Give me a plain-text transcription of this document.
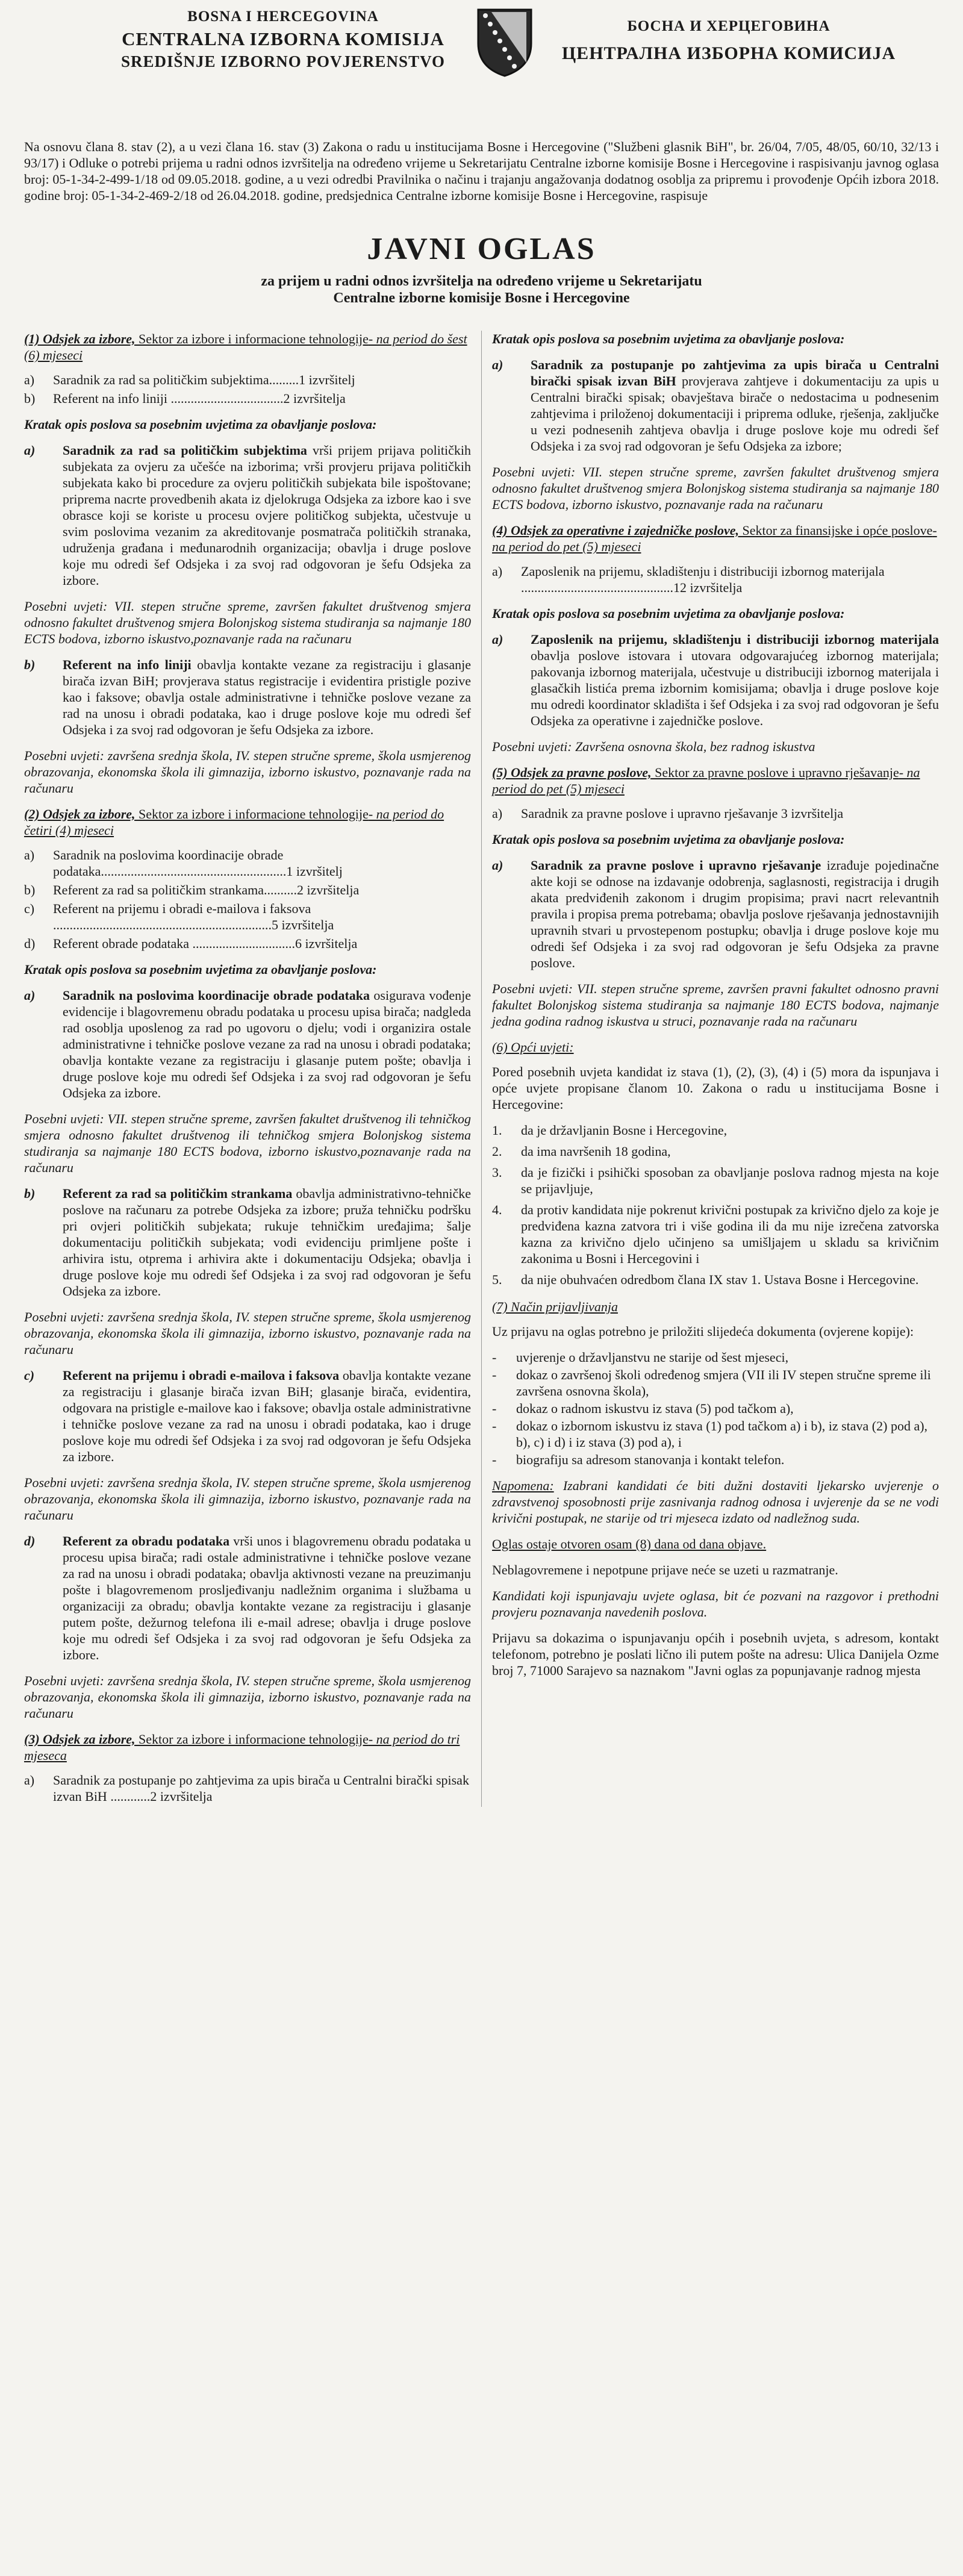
BOSNA I HERCEGOVINA
CENTRALNA IZBORNA KOMISIJA
SREDIŠNJE IZBORNO POVJERENSTVO
БОСНА И ХЕРЦЕГОВИНА
ЦЕНТРАЛНА ИЗБОРНА КОМИСИЈА

Na osnovu člana 8. stav (2), a u vezi člana 16. stav (3) Zakona o radu u institucijama Bosne i Hercegovine ("Službeni glasnik BiH", br. 26/04, 7/05, 48/05, 60/10, 32/13 i 93/17) i Odluke o potrebi prijema u radni odnos izvršitelja na određeno vrijeme u Sekretarijatu Centralne izborne komisije Bosne i Hercegovine i raspisivanju javnog oglasa broj: 05-1-34-2-499-1/18 od 09.05.2018. godine, a u vezi odredbi Pravilnika o načinu i trajanju angažovanja dodatnog osoblja za pripremu i provođenje Općih izbora 2018. godine broj: 05-1-34-2-469-2/18 od 26.04.2018. godine, predsjednica Centralne izborne komisije Bosne i Hercegovine, raspisuje

JAVNI OGLAS
za prijem u radni odnos izvršitelja na određeno vrijeme u Sekretarijatu
Centralne izborne komisije Bosne i Hercegovine
(1) Odsjek za izbore, Sektor za izbore i informacione tehnologije- na period do šest (6) mjeseci
a)	Saradnik za rad sa političkim subjektima.........1 izvršitelj
b)	Referent na info liniji ..................................2 izvršitelja

Kratak opis poslova sa posebnim uvjetima za obavljanje poslova:

a)	Saradnik za rad sa političkim subjektima vrši prijem prijava političkih subjekata za ovjeru za učešće na izborima; vrši provjeru prijava političkih subjekata kako bi procedure za ovjeru političkih subjekata bile ispoštovane; priprema nacrte provedbenih akata iz djelokruga Odsjeka za izbore kao i sve obrasce koji se koriste u procesu ovjere političkog subjekta, učestvuje u svim poslovima vezanim za akreditovanje posmatrača političkih stranaka, udruženja građana i međunarodnih organizacija; obavlja i druge poslove koje mu odredi šef Odsjeka i za svoj rad odgovoran je šefu Odsjeka za izbore.

Posebni uvjeti: VII. stepen stručne spreme, završen fakultet društvenog smjera odnosno fakultet društvenog smjera Bolonjskog sistema studiranja sa najmanje 180 ECTS bodova, izborno iskustvo,poznavanje rada na računaru

b)	Referent na info liniji obavlja kontakte vezane za registraciju i glasanje birača izvan BiH; provjerava status registracije i evidentira pristigle pozive kao i faksove; obavlja ostale administrativne i tehničke poslove vezane za rad na unosu i obradi podataka, kao i druge poslove koje mu odredi šef Odsjeka i za svoj rad odgovoran je šefu Odsjeka za izbore.

Posebni uvjeti: završena srednja škola, IV. stepen stručne spreme, škola usmjerenog obrazovanja, ekonomska škola ili gimnazija, izborno iskustvo, poznavanje rada na računaru

(2) Odsjek za izbore, Sektor za izbore i informacione tehnologije- na period do četiri (4) mjeseci
a)	Saradnik na poslovima koordinacije obrade podataka........................................................1 izvršitelj
b)	Referent za rad sa političkim strankama..........2 izvršitelja
c)	Referent na prijemu i obradi e-mailova i faksova ..................................................................5 izvršitelja
d)	Referent obrade podataka ...............................6 izvršitelja

Kratak opis poslova sa posebnim uvjetima za obavljanje poslova:

a)	Saradnik na poslovima koordinacije obrade podataka osigurava vođenje evidencije i blagovremenu obradu podataka u procesu upisa birača; nadgleda rad osoblja uposlenog za rad po ugovoru o djelu; vodi i organizira ostale administrativne i tehničke poslove vezane za rad na unosu i obradi podataka; obavlja kontakte vezane za registraciju i glasanje putem pošte; obavlja i druge poslove koje mu odredi šef Odsjeka i za svoj rad odgovoran je šefu Odsjeka za izbore.

Posebni uvjeti: VII. stepen stručne spreme, završen fakultet društvenog ili tehničkog smjera odnosno fakultet društvenog ili tehničkog smjera Bolonjskog sistema studiranja sa najmanje 180 ECTS bodova, izborno iskustvo,poznavanje rada na računaru

b)	Referent za rad sa političkim strankama obavlja administrativno-tehničke poslove na računaru za potrebe Odsjeka za izbore; pruža tehničku podršku pri ovjeri političkih subjekata; rukuje tehničkim uređajima; šalje dokumentaciju političkih subjekata; vodi evidenciju primljene pošte i arhivira istu, otprema i arhivira akte i dokumentaciju Odsjeka; obavlja i druge poslove koje mu odredi šef Odsjeka i za svoj rad odgovoran je šefu Odsjeka za izbore.

Posebni uvjeti: završena srednja škola, IV. stepen stručne spreme, škola usmjerenog obrazovanja, ekonomska škola ili gimnazija, izborno iskustvo, poznavanje rada na računaru

c)	Referent na prijemu i obradi e-mailova i faksova obavlja kontakte vezane za registraciju i glasanje birača izvan BiH; glasanje birača, evidentira, odgovara na pristigle e-mailove kao i faksove; obavlja ostale administrativne i tehničke poslove vezane za rad na unosu i obradi podataka, kao i druge poslove koje mu odredi šef Odsjeka i za svoj rad odgovoran je šefu Odsjeka za izbore.

Posebni uvjeti: završena srednja škola, IV. stepen stručne spreme, škola usmjerenog obrazovanja, ekonomska škola ili gimnazija, izborno iskustvo, poznavanje rada na računaru

d)	Referent za obradu podataka vrši unos i blagovremenu obradu podataka u procesu upisa birača; radi ostale administrativne i tehničke poslove vezane za rad na unosu i obradi podataka; obavlja aktivnosti vezane na preuzimanju pošte i blagovremenom prosljeđivanju nadležnim organima i službama u organizaciji za obradu; obavlja kontakte vezane za registraciju i glasanje putem pošte, dežurnog telefona ili e-mail adrese; obavlja i druge poslove koje mu odredi šef Odsjeka i za svoj rad odgovoran je šefu Odsjeka za izbore.

Posebni uvjeti: završena srednja škola, IV. stepen stručne spreme, škola usmjerenog obrazovanja, ekonomska škola ili gimnazija, izborno iskustvo, poznavanje rada na računaru

(3) Odsjek za izbore, Sektor za izbore i informacione tehnologije- na period do tri mjeseca
a)	Saradnik za postupanje po zahtjevima za upis birača u Centralni birački spisak izvan BiH ............2 izvršitelja

Kratak opis poslova sa posebnim uvjetima za obavljanje poslova:

a)	Saradnik za postupanje po zahtjevima za upis birača u Centralni birački spisak izvan BiH provjerava zahtjeve i dokumentaciju za upis u Centralni birački spisak; obavještava birače o nedostacima u podnesenim zahtjevima i priloženoj dokumentaciji i priprema odluke, rješenja, zaključke u vezi podnesenih zahtjeva obavlja i druge poslove koje mu odredi šef Odsjeka i za svoj rad odgovoran je šefu Odsjeka za izbore;

Posebni uvjeti: VII. stepen stručne spreme, završen fakultet društvenog smjera odnosno fakultet društvenog smjera Bolonjskog sistema studiranja sa najmanje 180 ECTS bodova, izborno iskustvo, poznavanje rada na računaru

(4) Odsjek za operativne i zajedničke poslove, Sektor za finansijske i opće poslove- na period do pet (5) mjeseci
a)	Zaposlenik na prijemu, skladištenju i distribuciji izbornog materijala ..............................................12 izvršitelja

Kratak opis poslova sa posebnim uvjetima za obavljanje poslova:

a)	Zaposlenik na prijemu, skladištenju i distribuciji izbornog materijala obavlja poslove istovara i utovara odgovarajućeg izbornog materijala; pakovanja izbornog materijala, učestvuje u distribuciji izbornog materijala i glasačkih listića prema izbornim komisijama; obavlja i druge poslove koje mu odredi koordinator skladišta i šef Odsjeka i za svoj rad odgovoran je šefu Odsjeka za operativne i zajedničke poslove.

Posebni uvjeti: Završena osnovna škola, bez radnog iskustva

(5) Odsjek za pravne poslove, Sektor za pravne poslove i upravno rješavanje- na period do pet (5) mjeseci
a)	Saradnik za pravne poslove i upravno rješavanje 3 izvršitelja

Kratak opis poslova sa posebnim uvjetima za obavljanje poslova:

a)	Saradnik za pravne poslove i upravno rješavanje izrađuje pojedinačne akte koji se odnose na izdavanje odobrenja, saglasnosti, registracija i drugih akata predviđenih zakonom i drugim propisima; pravi nacrt relevantnih pravila i propisa prema potrebama; obavlja poslove rješavanja jednostavnijih upravnih stvari u prvostepenom postupku; obavlja i druge poslove koje mu odredi šef Odsjeka i za svoj rad odgovoran je šefu Odsjeka za pravne poslove.

Posebni uvjeti: VII. stepen stručne spreme, završen pravni fakultet odnosno pravni fakultet Bolonjskog sistema studiranja sa najmanje 180 ECTS bodova, najmanje jedna godina radnog iskustva u struci, poznavanje rada na računaru

(6) Opći uvjeti:

Pored posebnih uvjeta kandidat iz stava (1), (2), (3), (4) i (5) mora da ispunjava i opće uvjete propisane članom 10. Zakona o radu u institucijama Bosne i Hercegovine:

1.	da je državljanin Bosne i Hercegovine,
2.	da ima navršenih 18 godina,
3.	da je fizički i psihički sposoban za obavljanje poslova radnog mjesta na koje se prijavljuje,
4.	da protiv kandidata nije pokrenut krivični postupak za krivično djelo za koje je predviđena kazna zatvora tri i više godina ili da mu nije izrečena zatvorska kazna za krivično djelo učinjeno sa umišljajem u skladu sa krivičnim zakonima u Bosni i Hercegovini i
5.	da nije obuhvaćen odredbom člana IX stav 1. Ustava Bosne i Hercegovine.
(7) Način prijavljivanja

Uz prijavu na oglas potrebno je priložiti slijedeća dokumenta (ovjerene kopije):

-	uvjerenje o državljanstvu ne starije od šest mjeseci,
-	dokaz o završenoj školi određenog smjera (VII ili IV stepen stručne spreme ili završena osnovna škola),
-	dokaz o radnom iskustvu iz stava (5) pod tačkom a),
-	dokaz o izbornom iskustvu iz stava (1) pod tačkom a) i b), iz stava (2) pod a), b), c) i d) i iz stava (3) pod a), i
-	biografiju sa adresom stanovanja i kontakt telefon.

Napomena: Izabrani kandidati će biti dužni dostaviti ljekarsko uvjerenje o zdravstvenoj sposobnosti prije zasnivanja radnog odnosa i uvjerenje da se ne vodi krivični postupak, ne starije od tri mjeseca izdato od nadležnog suda.

Oglas ostaje otvoren osam (8) dana od dana objave.

Neblagovremene i nepotpune prijave neće se uzeti u razmatranje.

Kandidati koji ispunjavaju uvjete oglasa, bit će pozvani na razgovor i prethodni provjeru poznavanja navedenih poslova.

Prijavu sa dokazima o ispunjavanju općih i posebnih uvjeta, s adresom, kontakt telefonom, potrebno je poslati lično ili putem pošte na adresu: Ulica Danijela Ozme broj 7, 71000 Sarajevo sa naznakom "Javni oglas za popunjavanje radnog mjesta
